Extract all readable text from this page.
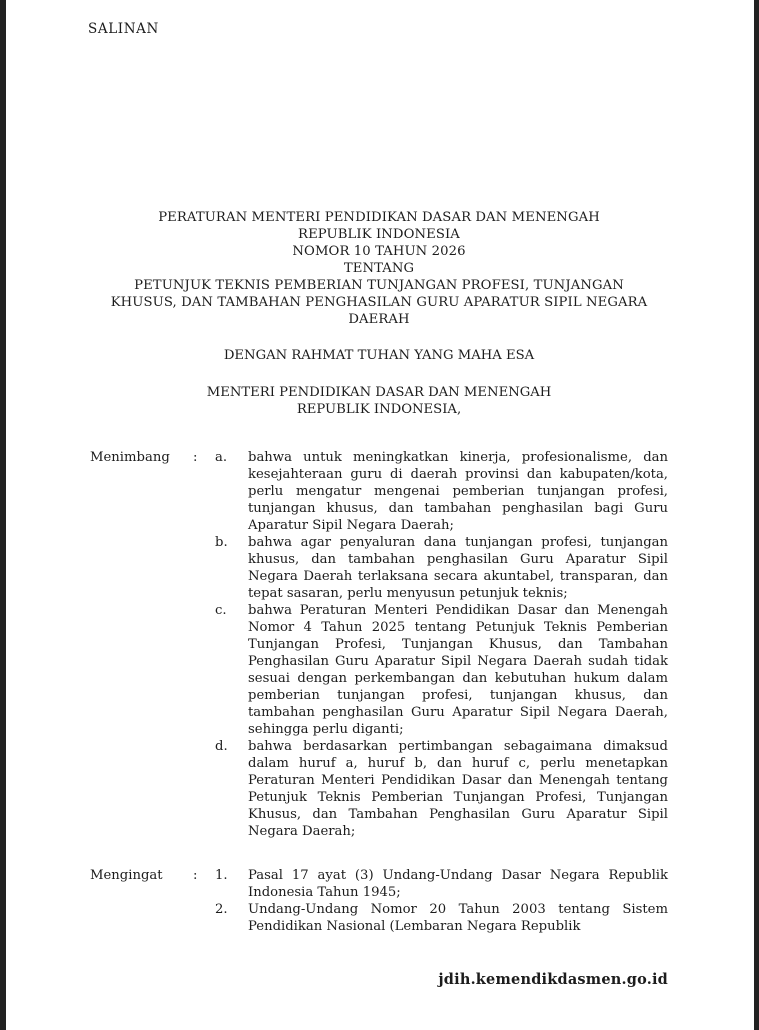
SALINAN
PERATURAN MENTERI PENDIDIKAN DASAR DAN MENENGAH
REPUBLIK INDONESIA
NOMOR 10 TAHUN 2026
TENTANG
PETUNJUK TEKNIS PEMBERIAN TUNJANGAN PROFESI, TUNJANGAN
KHUSUS, DAN TAMBAHAN PENGHASILAN GURU APARATUR SIPIL NEGARA
DAERAH
DENGAN RAHMAT TUHAN YANG MAHA ESA
MENTERI PENDIDIKAN DASAR DAN MENENGAH
REPUBLIK INDONESIA,
Menimbang	:	a.	bahwa untuk meningkatkan kinerja, profesionalisme, dan kesejahteraan guru di daerah provinsi dan kabupaten/kota, perlu mengatur mengenai pemberian tunjangan profesi, tunjangan khusus, dan tambahan penghasilan bagi Guru Aparatur Sipil Negara Daerah;
b.	bahwa agar penyaluran dana tunjangan profesi, tunjangan khusus, dan tambahan penghasilan Guru Aparatur Sipil Negara Daerah terlaksana secara akuntabel, transparan, dan tepat sasaran, perlu menyusun petunjuk teknis;
c.	bahwa Peraturan Menteri Pendidikan Dasar dan Menengah Nomor 4 Tahun 2025 tentang Petunjuk Teknis Pemberian Tunjangan Profesi, Tunjangan Khusus, dan Tambahan Penghasilan Guru Aparatur Sipil Negara Daerah sudah tidak sesuai dengan perkembangan dan kebutuhan hukum dalam pemberian tunjangan profesi, tunjangan khusus, dan tambahan penghasilan Guru Aparatur Sipil Negara Daerah, sehingga perlu diganti;
d.	bahwa berdasarkan pertimbangan sebagaimana dimaksud dalam huruf a, huruf b, dan huruf c, perlu menetapkan Peraturan Menteri Pendidikan Dasar dan Menengah tentang Petunjuk Teknis Pemberian Tunjangan Profesi, Tunjangan Khusus, dan Tambahan Penghasilan Guru Aparatur Sipil Negara Daerah;
Mengingat	:	1.	Pasal 17 ayat (3) Undang-Undang Dasar Negara Republik Indonesia Tahun 1945;
2.	Undang-Undang Nomor 20 Tahun 2003 tentang Sistem Pendidikan Nasional (Lembaran Negara Republik
jdih.kemendikdasmen.go.id
